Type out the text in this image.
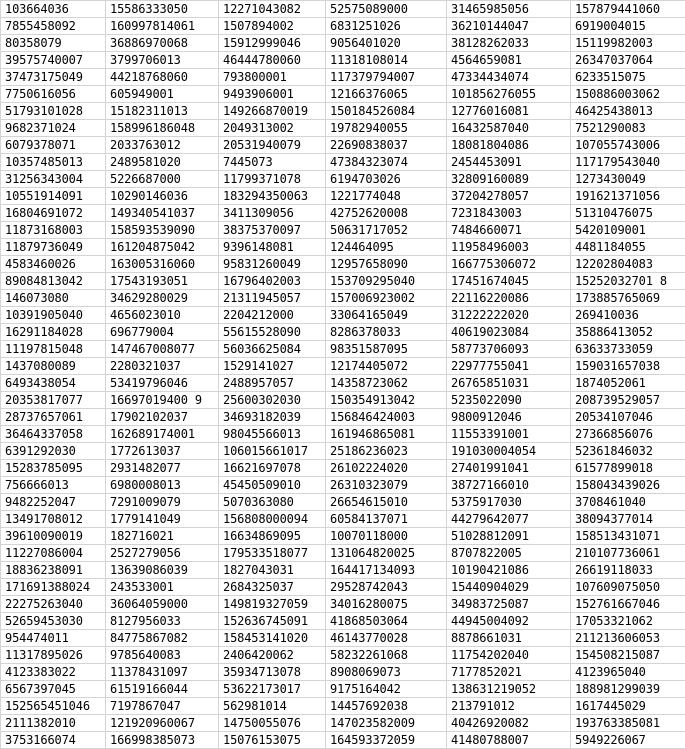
103664036	15586333050	12271043082	52575089000	31465985056	157879441060
7855458092	160997814061	1507894002	6831251026	36210144047	6919004015
80358079	36886970068	15912999046	9056401020	38128262033	15119982003
39575740007	3799706013	46444780060	11318108014	4564659081	26347037064
37473175049	44218768060	793800001	117379794007	47334434074	6233515075
7750616056	605949001	9493906001	12166376065	101856276055	150886003062
51793101028	15182311013	149266870019	150184526084	12776016081	46425438013
9682371024	158996186048	2049313002	19782940055	16432587040	7521290083
6079378071	2033763012	20531940079	22690838037	18081804086	107055743006
10357485013	2489581020	7445073	47384323074	2454453091	117179543040
31256343004	5226687000	11799371078	6194703026	32809160089	1273430049
10551914091	10290146036	183294350063	1221774048	37204278057	191621371056
16804691072	149340541037	3411309056	42752620008	7231843003	51310476075
11873168003	158593539090	38375370097	50631717052	7484660071	5420109001
11879736049	161204875042	9396148081	124464095	11958496003	4481184055
4583460026	163005316060	95831260049	12957658090	166775306072	12202804083
89084813042	17543193051	16796402003	153709295040	17451674045	15252032701 8
146073080	34629280029	21311945057	157006923002	22116220086	173885765069
10391905040	4656023010	2204212000	33064165049	31222222020	269410036
16291184028	696779004	55615528090	8286378033	40619023084	35886413052
11197815048	147467008077	56036625084	98351587095	58773706093	63633733059
1437080089	2280321037	1529141027	12174405072	22977755041	159031657038
6493438054	53419796046	2488957057	14358723062	26765851031	1874052061
20353817077	16697019400 9	25600302030	150354913042	5235022090	208739529057
28737657061	17902102037	34693182039	156846424003	9800912046	20534107046
36464337058	162689174001	98045566013	161946865081	11553391001	27366856076
6391292030	1772613037	106015661017	25186236023	191030004054	52361846032
15283785095	2931482077	16621697078	26102224020	27401991041	61577899018
756666013	6980008013	45450509010	26310323079	38727166010	158043439026
9482252047	7291009079	5070363080	26654615010	5375917030	3708461040
13491708012	1779141049	156808000094	60584137071	44279642077	38094377014
39610090019	182716021	16634869095	10070118000	51028812091	158513431071
11227086004	2527279056	179533518077	131064820025	8707822005	210107736061
18836238091	13639086039	1827043031	164417134093	10190421086	26619118033
171691388024	243533001	2684325037	29528742043	15440904029	107609075050
22275263040	36064059000	149819327059	34016280075	34983725087	152761667046
52659453030	8127956033	152636745091	41868503064	44945004092	17053321062
954474011	84775867082	158453141020	46143770028	8878661031	211213606053
11317895026	9785640083	2406420062	58232261068	11754202040	154508215087
4123383022	11378431097	35934713078	8908069073	7177852021	4123965040
6567397045	61519166044	53622173017	9175164042	138631219052	188981299039
152565451046	7197867047	562981014	14457692038	213791012	1617445029
2111382010	121920960067	14750055076	147023582009	40426920082	193763385081
3753166074	166998385073	15076153075	164593372059	41480788007	5949226067
